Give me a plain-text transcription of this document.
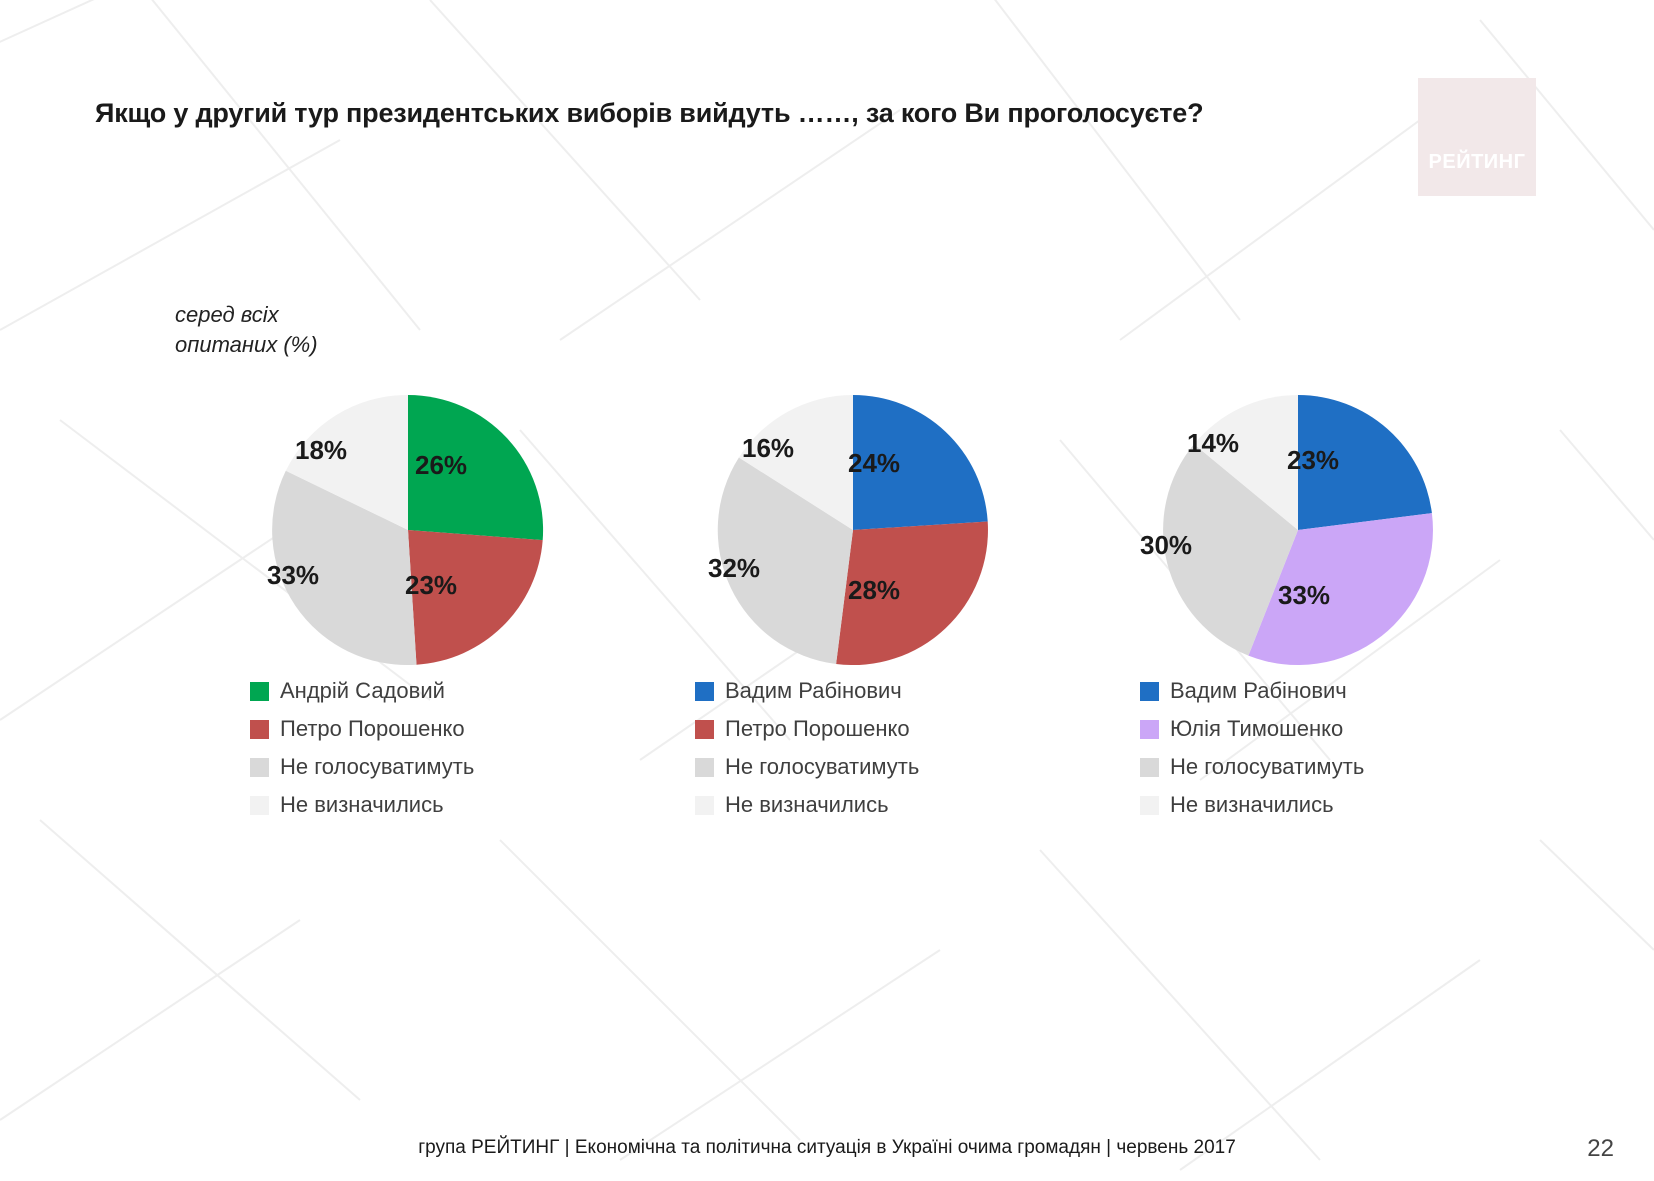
Якщо у другий тур президентських виборів вийдуть ……, за кого Ви проголосуєте?
РЕЙТИНГ
серед всіх опитаних (%)
26%
23%
33%
18%
Андрій Садовий
Петро Порошенко
Не голосуватимуть
Не визначились
24%
28%
32%
16%
Вадим Рабінович
Петро Порошенко
Не голосуватимуть
Не визначились
23%
33%
30%
14%
Вадим Рабінович
Юлія Тимошенко
Не голосуватимуть
Не визначились
група РЕЙТИНГ | Економічна та політична ситуація в Україні очима громадян | червень 2017	22
